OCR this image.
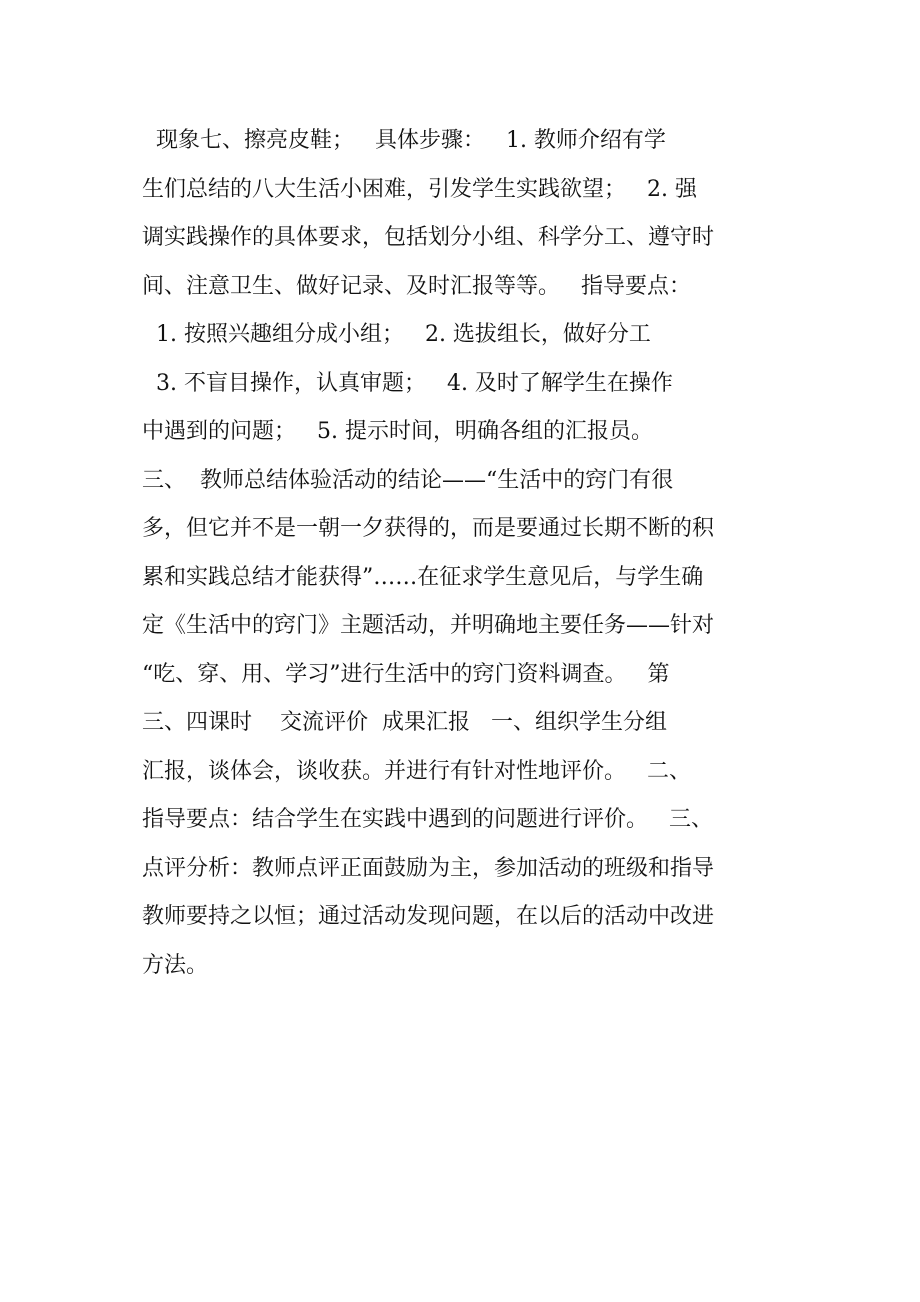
现象七、擦亮皮鞋；   具体步骤：   1. 教师介绍有学
生们总结的八大生活小困难，引发学生实践欲望；   2. 强
调实践操作的具体要求，包括划分小组、科学分工、遵守时
间、注意卫生、做好记录、及时汇报等等。   指导要点：
1. 按照兴趣组分成小组；   2. 选拔组长，做好分工
3. 不盲目操作，认真审题；   4. 及时了解学生在操作
中遇到的问题；   5. 提示时间，明确各组的汇报员。
三、  教师总结体验活动的结论——“生活中的窍门有很
多，但它并不是一朝一夕获得的，而是要通过长期不断的积
累和实践总结才能获得”……在征求学生意见后，与学生确
定《生活中的窍门》主题活动，并明确地主要任务——针对
“吃、穿、用、学习”进行生活中的窍门资料调查。   第
三、四课时    交流评价  成果汇报   一、组织学生分组
汇报，谈体会，谈收获。并进行有针对性地评价。   二、
指导要点：结合学生在实践中遇到的问题进行评价。   三、
点评分析：教师点评正面鼓励为主，参加活动的班级和指导
教师要持之以恒；通过活动发现问题，在以后的活动中改进
方法。
